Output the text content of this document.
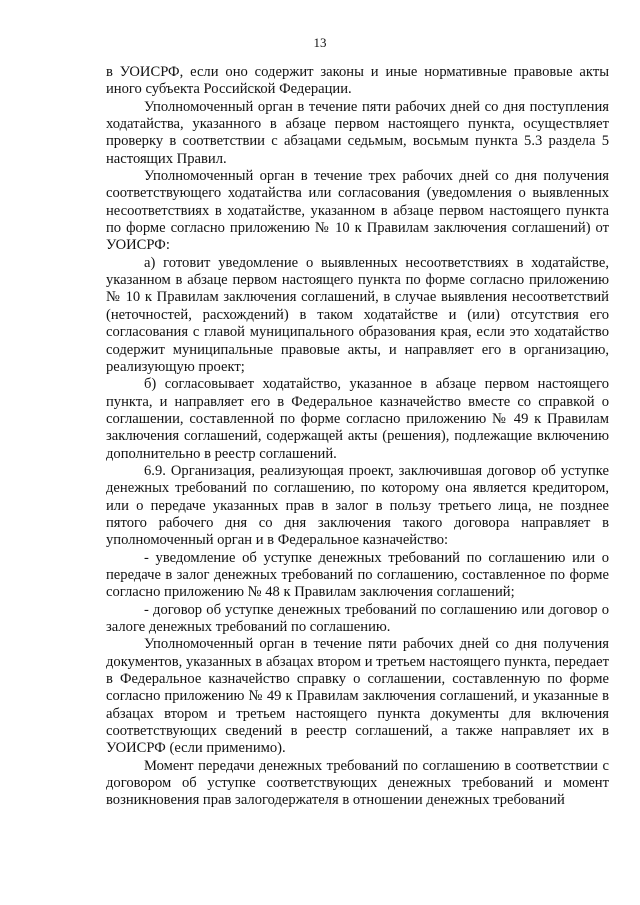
13

в УОИСРФ, если оно содержит законы и иные нормативные правовые акты иного субъекта Российской Федерации.

Уполномоченный орган в течение пяти рабочих дней со дня поступления ходатайства, указанного в абзаце первом настоящего пункта, осуществляет проверку в соответствии с абзацами седьмым, восьмым пункта 5.3 раздела 5 настоящих Правил.

Уполномоченный орган в течение трех рабочих дней со дня получения соответствующего ходатайства или согласования (уведомления о выявленных несоответствиях в ходатайстве, указанном в абзаце первом настоящего пункта по форме согласно приложению № 10 к Правилам заключения соглашений) от УОИСРФ:

а) готовит уведомление о выявленных несоответствиях в ходатайстве, указанном в абзаце первом настоящего пункта по форме согласно приложению № 10 к Правилам заключения соглашений, в случае выявления несоответствий (неточностей, расхождений) в таком ходатайстве и (или) отсутствия его согласования с главой муниципального образования края, если это ходатайство содержит муниципальные правовые акты, и направляет его в организацию, реализующую проект;

б) согласовывает ходатайство, указанное в абзаце первом настоящего пункта, и направляет его в Федеральное казначейство вместе со справкой о соглашении, составленной по форме согласно приложению № 49 к Правилам заключения соглашений, содержащей акты (решения), подлежащие включению дополнительно в реестр соглашений.

6.9. Организация, реализующая проект, заключившая договор об уступке денежных требований по соглашению, по которому она является кредитором, или о передаче указанных прав в залог в пользу третьего лица, не позднее пятого рабочего дня со дня заключения такого договора направляет в уполномоченный орган и в Федеральное казначейство:

- уведомление об уступке денежных требований по соглашению или о передаче в залог денежных требований по соглашению, составленное по форме согласно приложению № 48 к Правилам заключения соглашений;

- договор об уступке денежных требований по соглашению или договор о залоге денежных требований по соглашению.

Уполномоченный орган в течение пяти рабочих дней со дня получения документов, указанных в абзацах втором и третьем настоящего пункта, передает в Федеральное казначейство справку о соглашении, составленную по форме согласно приложению № 49 к Правилам заключения соглашений, и указанные в абзацах втором и третьем настоящего пункта документы для включения соответствующих сведений в реестр соглашений, а также направляет их в УОИСРФ (если применимо).

Момент передачи денежных требований по соглашению в соответствии с договором об уступке соответствующих денежных требований и момент возникновения прав залогодержателя в отношении денежных требований
